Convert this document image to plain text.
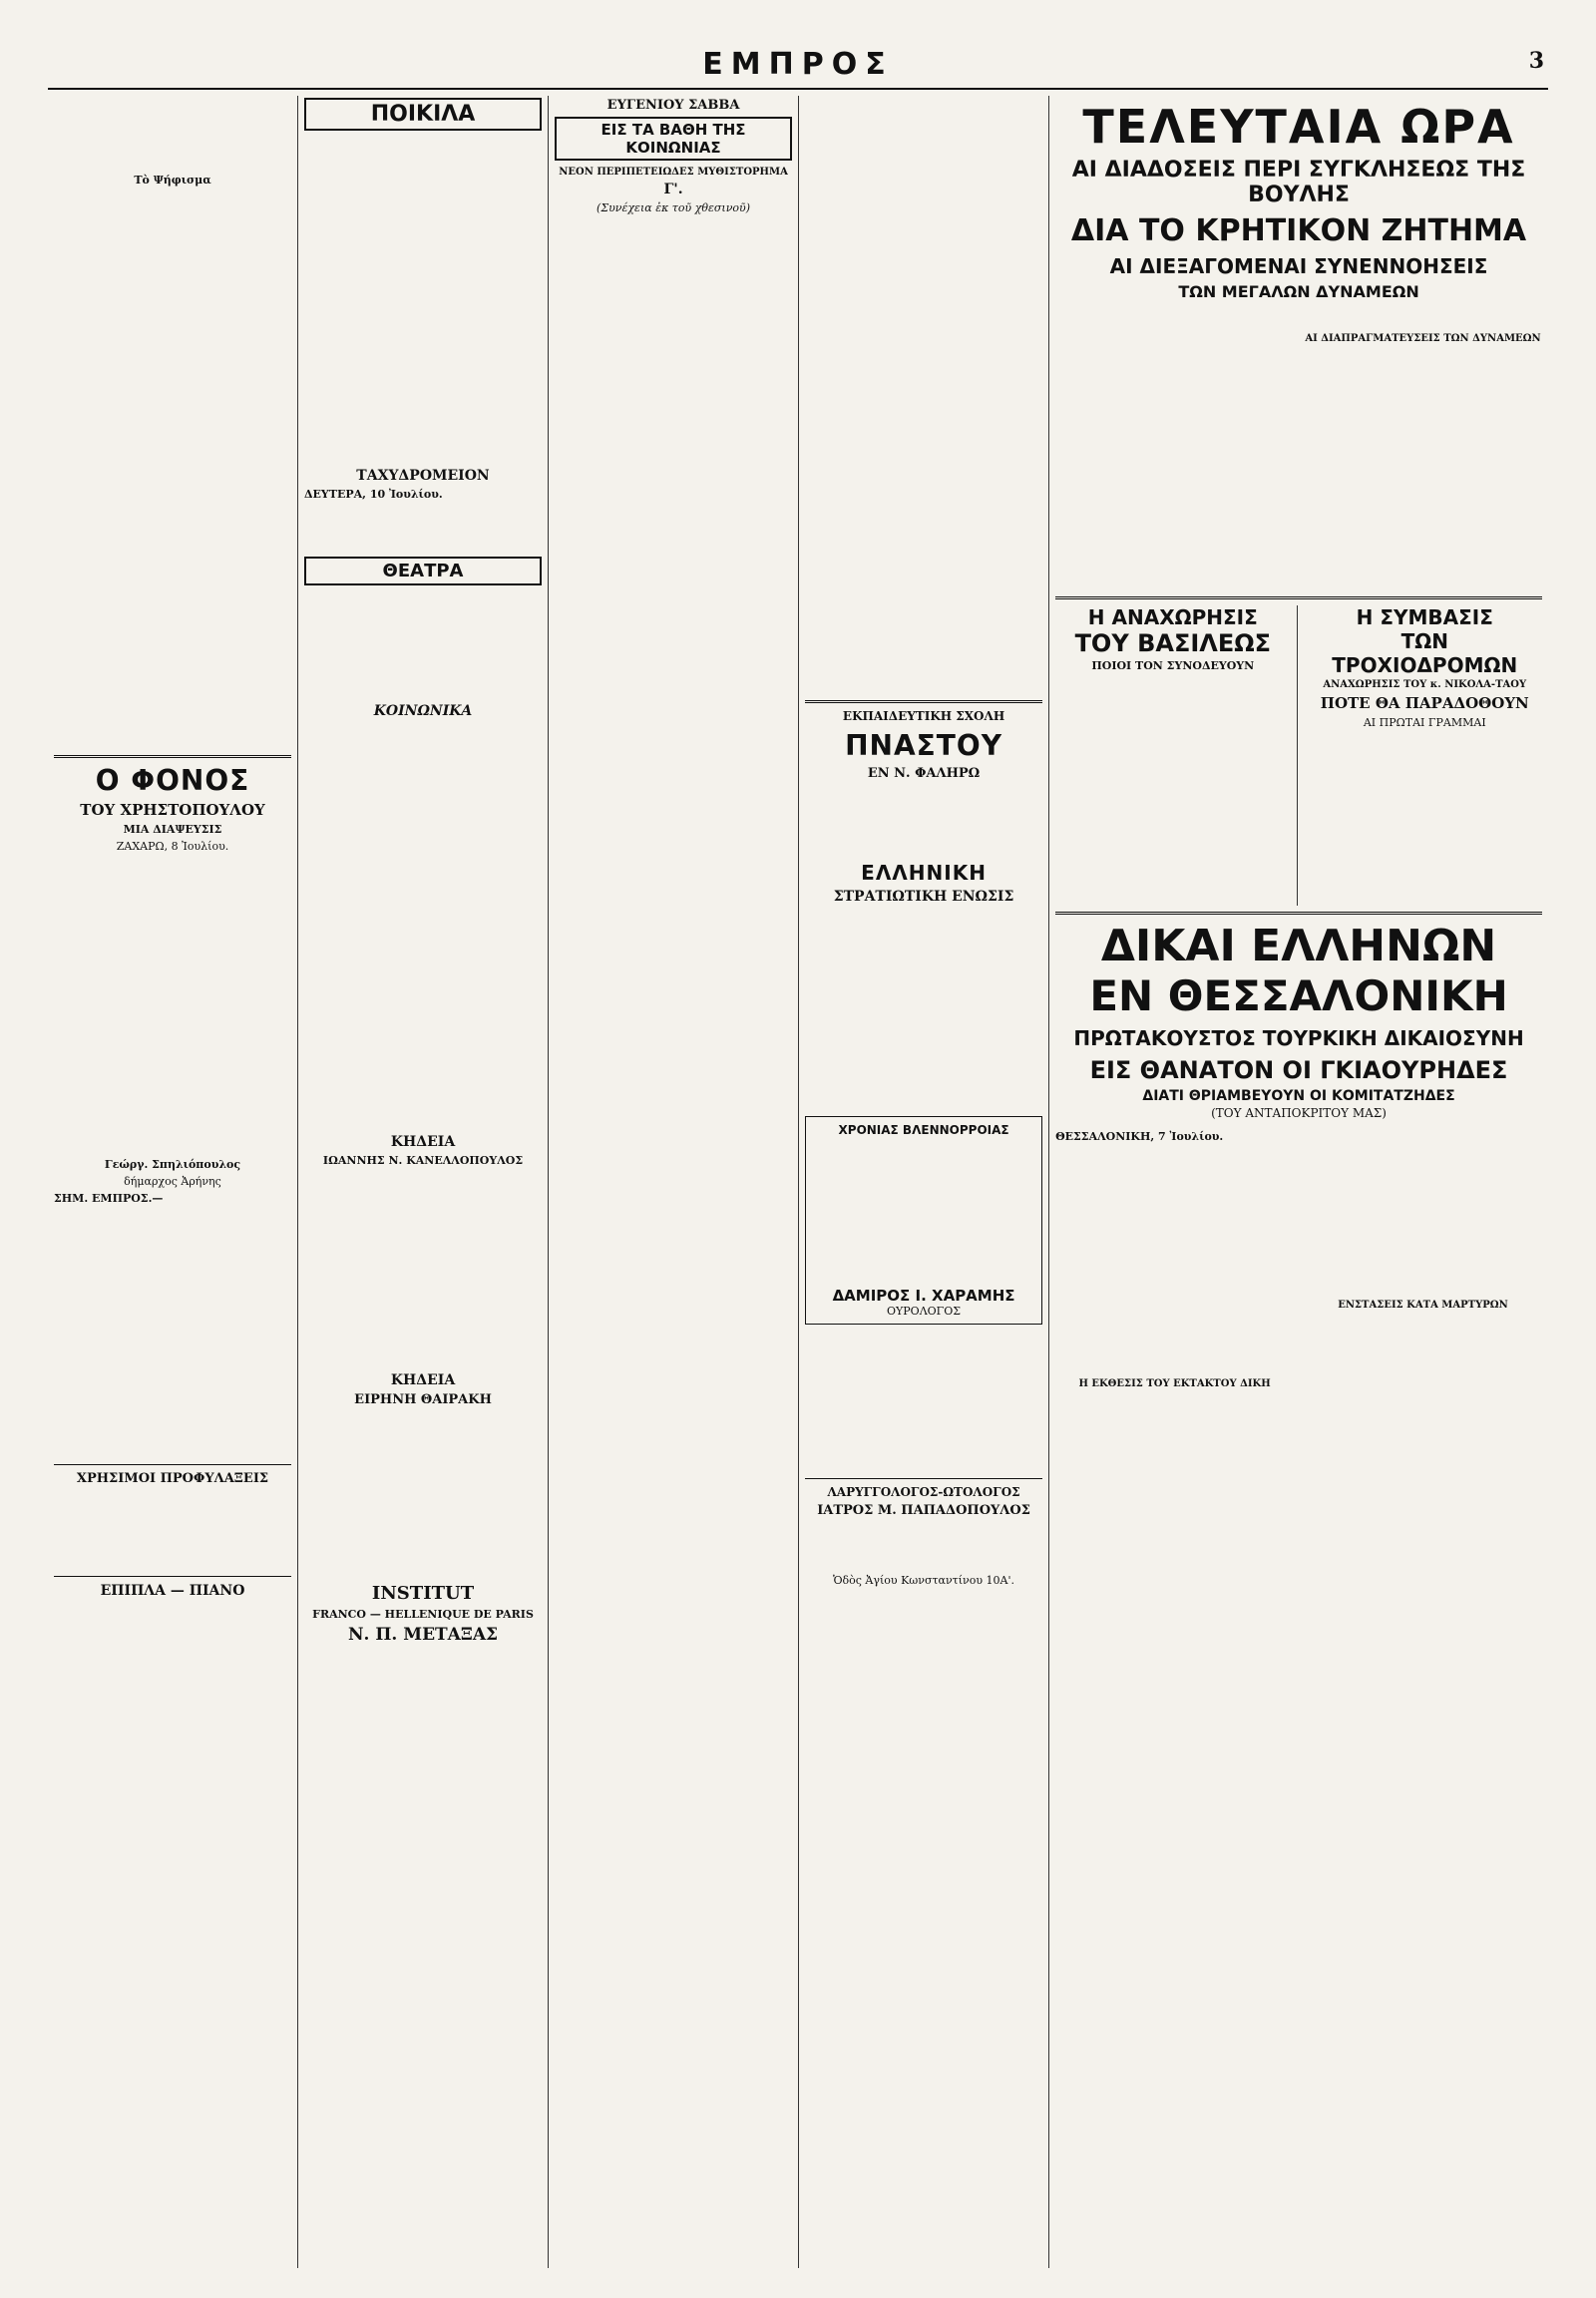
ΕΜΠΡΟΣ	3
Τὸ Ψήφισμα
Ο ΦΟΝΟΣ
ΤΟΥ ΧΡΗΣΤΟΠΟΥΛΟΥ
ΜΙΑ ΔΙΑΨΕΥΣΙΣ
ΖΑΧΑΡΩ, 8 Ἰουλίου.
Γεώργ. Σπηλιόπουλος
δήμαρχος Ἀρήνης
ΣΗΜ. ΕΜΠΡΟΣ.—
ΧΡΗΣΙΜΟΙ ΠΡΟΦΥΛΑΞΕΙΣ
ΕΠΙΠΛΑ — ΠΙΑΝΟ
ΠΟΙΚΙΛΑ
ΤΑΧΥΔΡΟΜΕΙΟΝ
ΔΕΥΤΕΡΑ, 10 Ἰουλίου.
ΘΕΑΤΡΑ
ΚΟΙΝΩΝΙΚΑ
ΚΗΔΕΙΑ
ΙΩΑΝΝΗΣ Ν. ΚΑΝΕΛΛΟΠΟΥΛΟΣ
ΚΗΔΕΙΑ
ΕΙΡΗΝΗ ΘΑΙΡΑΚΗ
INSTITUT
FRANCO — HELLENIQUE DE PARIS
Ν. Π. ΜΕΤΑΞΑΣ
ΕΥΓΕΝΙΟΥ ΣΑΒΒΑ
ΕΙΣ ΤΑ ΒΑΘΗ ΤΗΣ ΚΟΙΝΩΝΙΑΣ
ΝΕΟΝ ΠΕΡΙΠΕΤΕΙΩΔΕΣ ΜΥΘΙΣΤΟΡΗΜΑ
Γ'.
(Συνέχεια ἐκ τοῦ χθεσινοῦ)
ΕΚΠΑΙΔΕΥΤΙΚΗ ΣΧΟΛΗ
ΠΝΑΣΤΟΥ
ΕΝ Ν. ΦΑΛΗΡΩ
ΕΛΛΗΝΙΚΗ
ΣΤΡΑΤΙΩΤΙΚΗ ΕΝΩΣΙΣ
ΧΡΟΝΙΑΣ ΒΛΕΝΝΟΡΡΟΙΑΣ
ΔΑΜΙΡΟΣ Ι. ΧΑΡΑΜΗΣ
ΟΥΡΟΛΟΓΟΣ
ΛΑΡΥΓΓΟΛΟΓΟΣ-ΩΤΟΛΟΓΟΣ
ΙΑΤΡΟΣ Μ. ΠΑΠΑΔΟΠΟΥΛΟΣ
Ὁδὸς Ἀγίου Κωνσταντίνου 10Α'.
ΤΕΛΕΥΤΑΙΑ ΩΡΑ
ΑΙ ΔΙΑΔΟΣΕΙΣ ΠΕΡΙ ΣΥΓΚΛΗΣΕΩΣ ΤΗΣ ΒΟΥΛΗΣ
ΔΙΑ ΤΟ ΚΡΗΤΙΚΟΝ ΖΗΤΗΜΑ
ΑΙ ΔΙΕΞΑΓΟΜΕΝΑΙ ΣΥΝΕΝΝΟΗΣΕΙΣ
ΤΩΝ ΜΕΓΑΛΩΝ ΔΥΝΑΜΕΩΝ
ΑΙ ΔΙΑΠΡΑΓΜΑΤΕΥΣΕΙΣ ΤΩΝ ΔΥΝΑΜΕΩΝ
Η ΑΝΑΧΩΡΗΣΙΣ
ΤΟΥ ΒΑΣΙΛΕΩΣ
ΠΟΙΟΙ ΤΟΝ ΣΥΝΟΔΕΥΟΥΝ
Η ΣΥΜΒΑΣΙΣ
ΤΩΝ ΤΡΟΧΙΟΔΡΟΜΩΝ
ΑΝΑΧΩΡΗΣΙΣ ΤΟΥ κ. ΝΙΚΟΛΑ-ΤΑΟΥ
ΠΟΤΕ ΘΑ ΠΑΡΑΔΟΘΟΥΝ
ΑΙ ΠΡΩΤΑΙ ΓΡΑΜΜΑΙ
ΔΙΚΑΙ ΕΛΛΗΝΩΝ
ΕΝ ΘΕΣΣΑΛΟΝΙΚΗ
ΠΡΩΤΑΚΟΥΣΤΟΣ ΤΟΥΡΚΙΚΗ ΔΙΚΑΙΟΣΥΝΗ
ΕΙΣ ΘΑΝΑΤΟΝ ΟΙ ΓΚΙΑΟΥΡΗΔΕΣ
ΔΙΑΤΙ ΘΡΙΑΜΒΕΥΟΥΝ ΟΙ ΚΟΜΙΤΑΤΖΗΔΕΣ
(ΤΟΥ ΑΝΤΑΠΟΚΡΙΤΟΥ ΜΑΣ)
ΘΕΣΣΑΛΟΝΙΚΗ, 7 Ἰουλίου.
Η ΕΚΘΕΣΙΣ ΤΟΥ ΕΚΤΑΚΤΟΥ ΔΙΚΗ
ΕΝΣΤΑΣΕΙΣ ΚΑΤΑ ΜΑΡΤΥΡΩΝ
